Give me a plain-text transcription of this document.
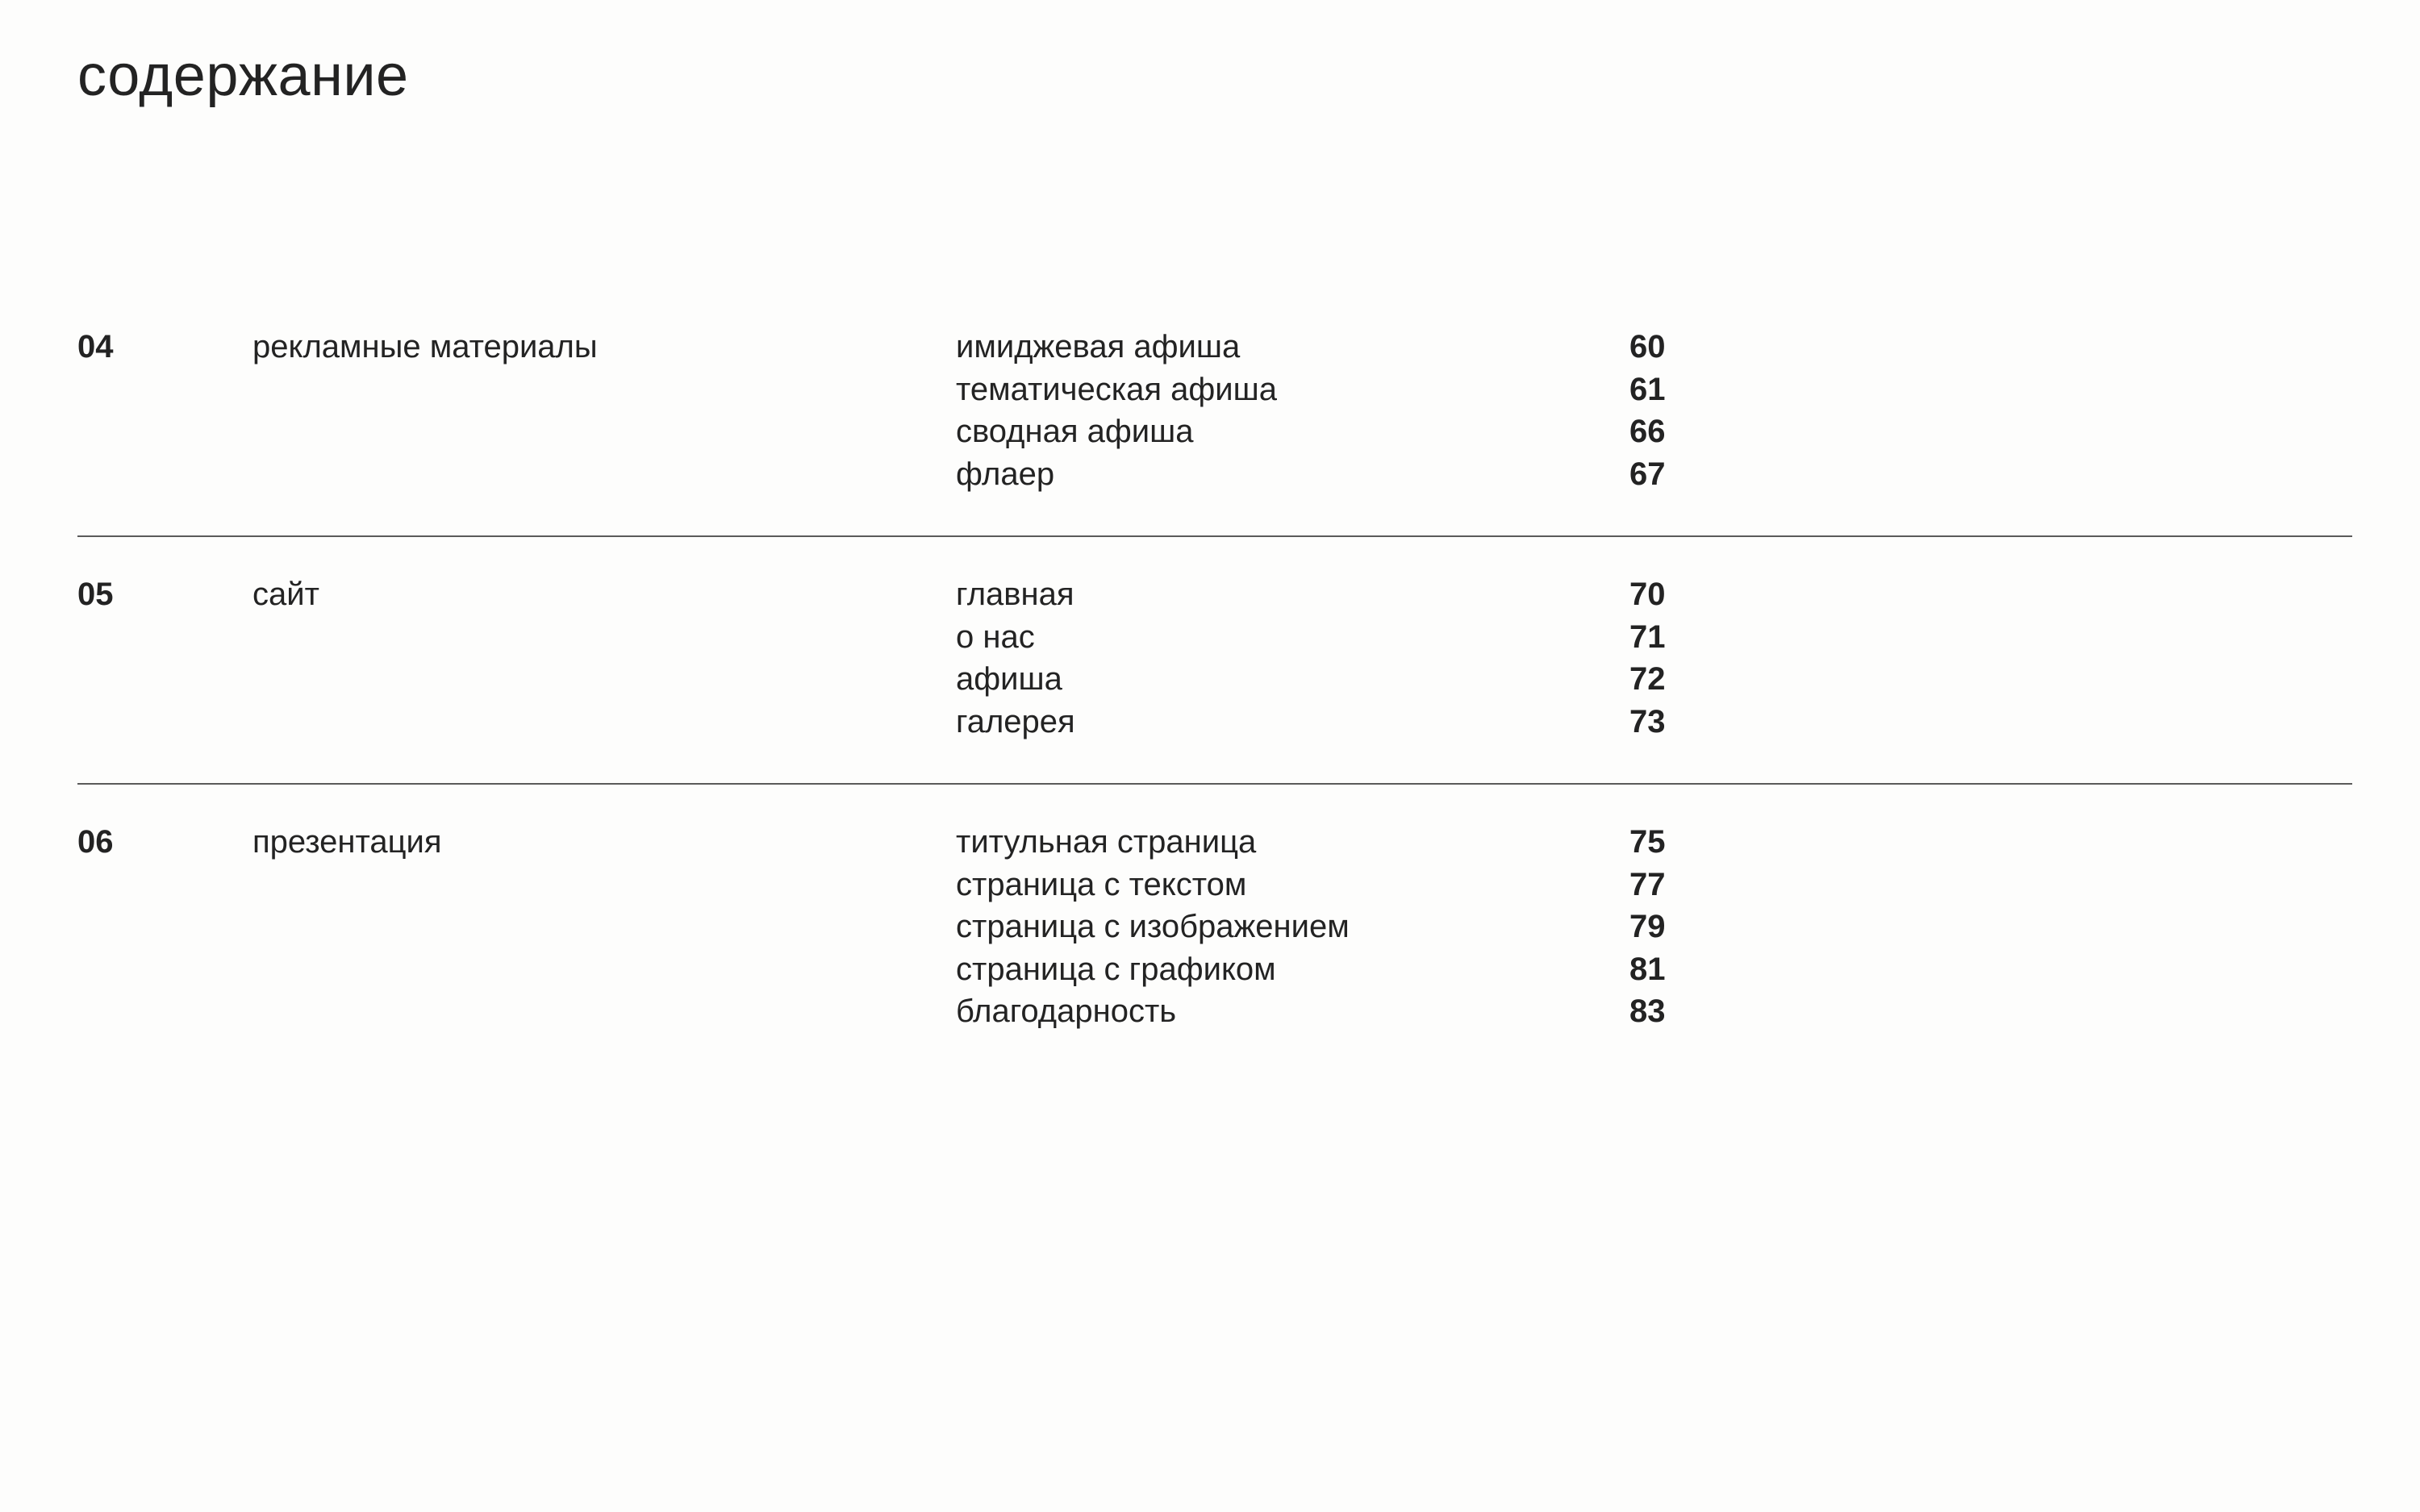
содержание
04	рекламные материалы	имиджевая афиша	60
тематическая афиша	61
сводная афиша	66
флаер	67
05	сайт	главная	70
о нас	71
афиша	72
галерея	73
06	презентация	титульная страница	75
страница с текстом	77
страница с изображением	79
страница с графиком	81
благодарность	83
